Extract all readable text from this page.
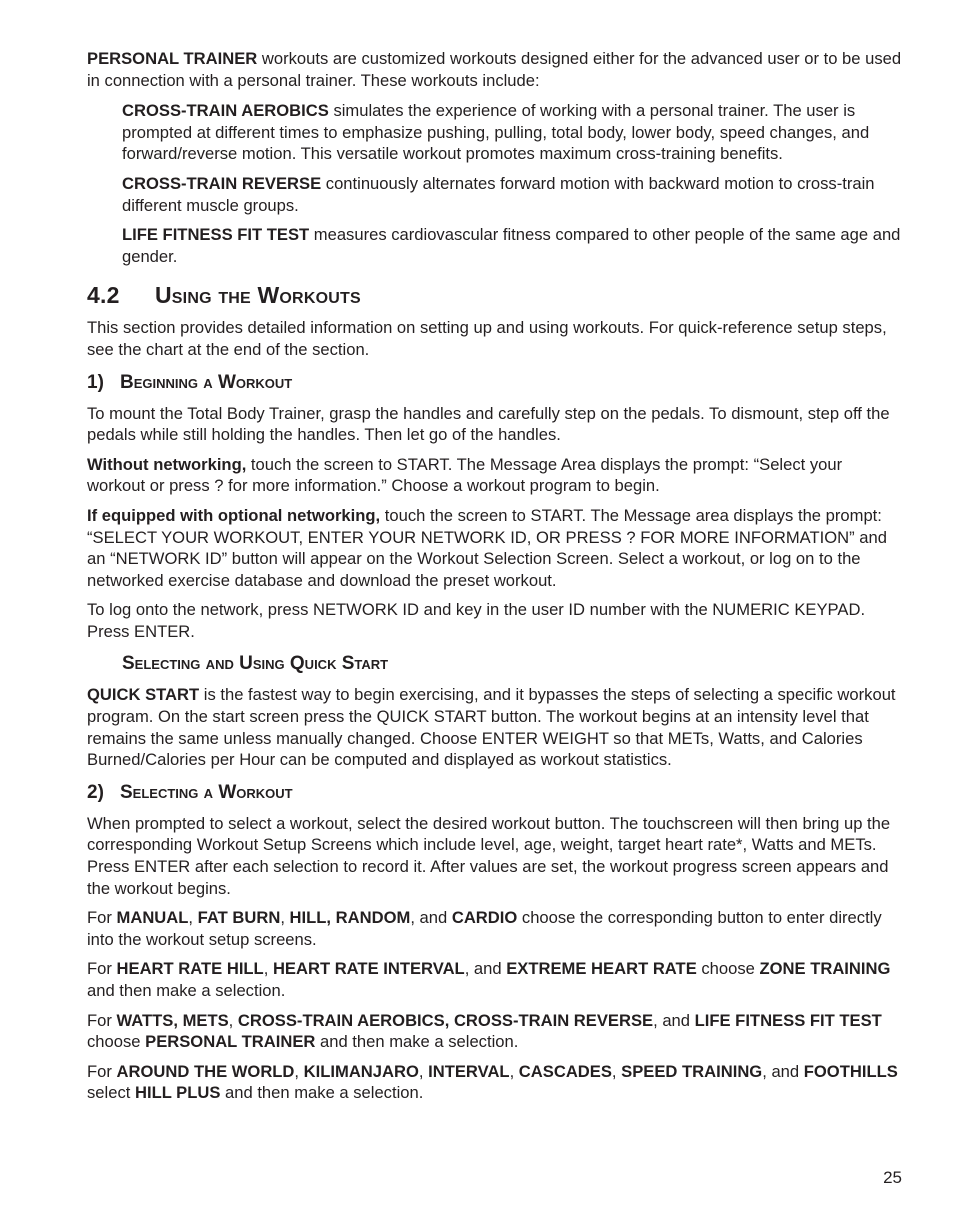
PERSONAL TRAINER workouts are customized workouts designed either for the advanced user or to be used in connection with a personal trainer. These workouts include:

CROSS-TRAIN AEROBICS simulates the experience of working with a personal trainer. The user is prompted at different times to emphasize pushing, pulling, total body, lower body, speed changes, and forward/reverse motion. This versatile workout promotes maximum cross-training benefits.

CROSS-TRAIN REVERSE continuously alternates forward motion with backward motion to cross-train different muscle groups.

LIFE FITNESS FIT TEST measures cardiovascular fitness compared to other people of the same age and gender.

4.2 Using the Workouts

This section provides detailed information on setting up and using workouts. For quick-reference setup steps, see the chart at the end of the section.

1) Beginning a Workout

To mount the Total Body Trainer, grasp the handles and carefully step on the pedals. To dismount, step off the pedals while still holding the handles. Then let go of the handles.

Without networking, touch the screen to START. The Message Area displays the prompt: “Select your workout or press ? for more information.” Choose a workout program to begin.

If equipped with optional networking, touch the screen to START. The Message area displays the prompt: “SELECT YOUR WORKOUT, ENTER YOUR NETWORK ID, OR PRESS ? FOR MORE INFORMATION” and an “NETWORK ID” button will appear on the Workout Selection Screen. Select a workout, or log on to the networked exercise database and download the preset workout.

To log onto the network, press NETWORK ID and key in the user ID number with the NUMERIC KEYPAD. Press ENTER.

Selecting and Using Quick Start

QUICK START is the fastest way to begin exercising, and it bypasses the steps of selecting a specific workout program. On the start screen press the QUICK START button. The workout begins at an intensity level that remains the same unless manually changed. Choose ENTER WEIGHT so that METs, Watts, and Calories Burned/Calories per Hour can be computed and displayed as workout statistics.

2) Selecting a Workout

When prompted to select a workout, select the desired workout button. The touchscreen will then bring up the corresponding Workout Setup Screens which include level, age, weight, target heart rate*, Watts and METs. Press ENTER after each selection to record it. After values are set, the workout progress screen appears and the workout begins.

For MANUAL, FAT BURN, HILL, RANDOM, and CARDIO choose the corresponding button to enter directly into the workout setup screens.

For HEART RATE HILL, HEART RATE INTERVAL, and EXTREME HEART RATE choose ZONE TRAINING and then make a selection.

For WATTS, METS, CROSS-TRAIN AEROBICS, CROSS-TRAIN REVERSE, and LIFE FITNESS FIT TEST choose PERSONAL TRAINER and then make a selection.

For AROUND THE WORLD, KILIMANJARO, INTERVAL, CASCADES, SPEED TRAINING, and FOOTHILLS select HILL PLUS and then make a selection.

25
